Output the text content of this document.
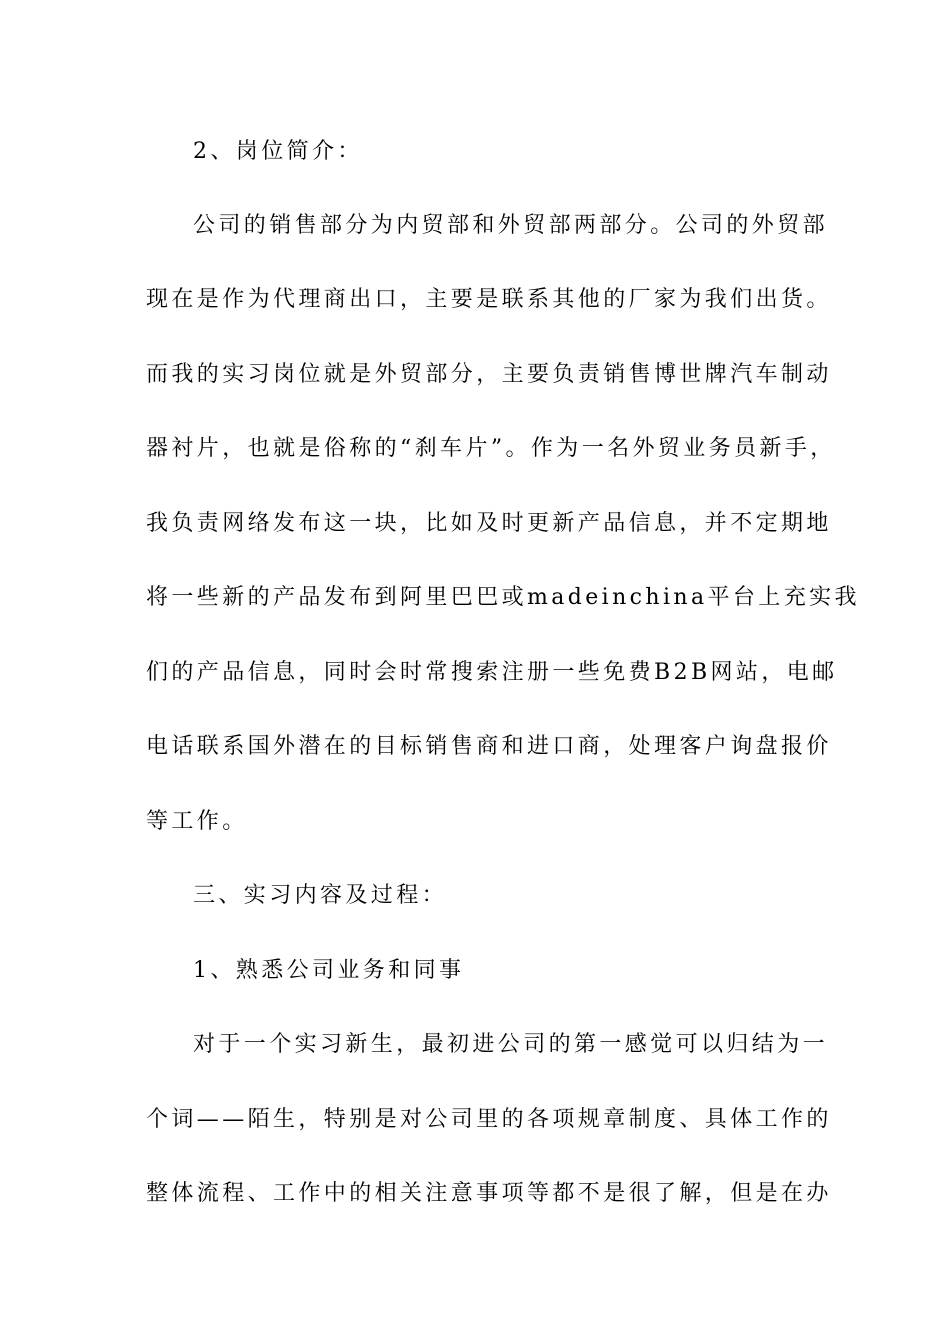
2、岗位简介：
公司的销售部分为内贸部和外贸部两部分。公司的外贸部
现在是作为代理商出口，主要是联系其他的厂家为我们出货。
而我的实习岗位就是外贸部分，主要负责销售博世牌汽车制动
器衬片，也就是俗称的“刹车片”。作为一名外贸业务员新手，
我负责网络发布这一块，比如及时更新产品信息，并不定期地
将一些新的产品发布到阿里巴巴或madeinchina平台上充实我
们的产品信息，同时会时常搜索注册一些免费B2B网站，电邮
电话联系国外潜在的目标销售商和进口商，处理客户询盘报价
等工作。
三、实习内容及过程：
1、熟悉公司业务和同事
对于一个实习新生，最初进公司的第一感觉可以归结为一
个词——陌生，特别是对公司里的各项规章制度、具体工作的
整体流程、工作中的相关注意事项等都不是很了解，但是在办
